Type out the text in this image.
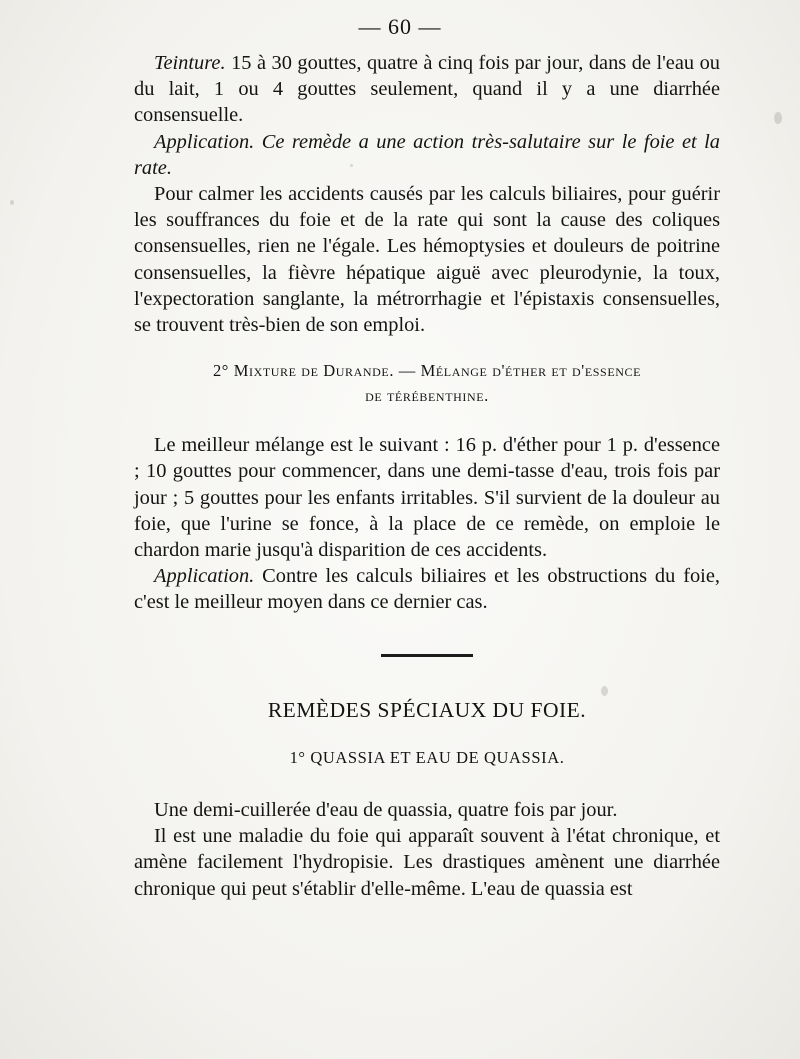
— 60 —

Teinture. 15 à 30 gouttes, quatre à cinq fois par jour, dans de l'eau ou du lait, 1 ou 4 gouttes seulement, quand il y a une diarrhée consensuelle.

Application. Ce remède a une action très-salutaire sur le foie et la rate.

Pour calmer les accidents causés par les calculs biliaires, pour guérir les souffrances du foie et de la rate qui sont la cause des coliques consensuelles, rien ne l'égale. Les hémoptysies et douleurs de poitrine consensuelles, la fièvre hépatique aiguë avec pleurodynie, la toux, l'expectoration sanglante, la métrorrhagie et l'épistaxis consensuelles, se trouvent très-bien de son emploi.

2° Mixture de Durande. — Mélange d'éther et d'essence
de térébenthine.

Le meilleur mélange est le suivant : 16 p. d'éther pour 1 p. d'essence ; 10 gouttes pour commencer, dans une demi-tasse d'eau, trois fois par jour ; 5 gouttes pour les enfants irritables. S'il survient de la douleur au foie, que l'urine se fonce, à la place de ce remède, on emploie le chardon marie jusqu'à disparition de ces accidents.

Application. Contre les calculs biliaires et les obstructions du foie, c'est le meilleur moyen dans ce dernier cas.

REMÈDES SPÉCIAUX DU FOIE.
1° QUASSIA ET EAU DE QUASSIA.

Une demi-cuillerée d'eau de quassia, quatre fois par jour.

Il est une maladie du foie qui apparaît souvent à l'état chronique, et amène facilement l'hydropisie. Les drastiques amènent une diarrhée chronique qui peut s'établir d'elle-même. L'eau de quassia est
